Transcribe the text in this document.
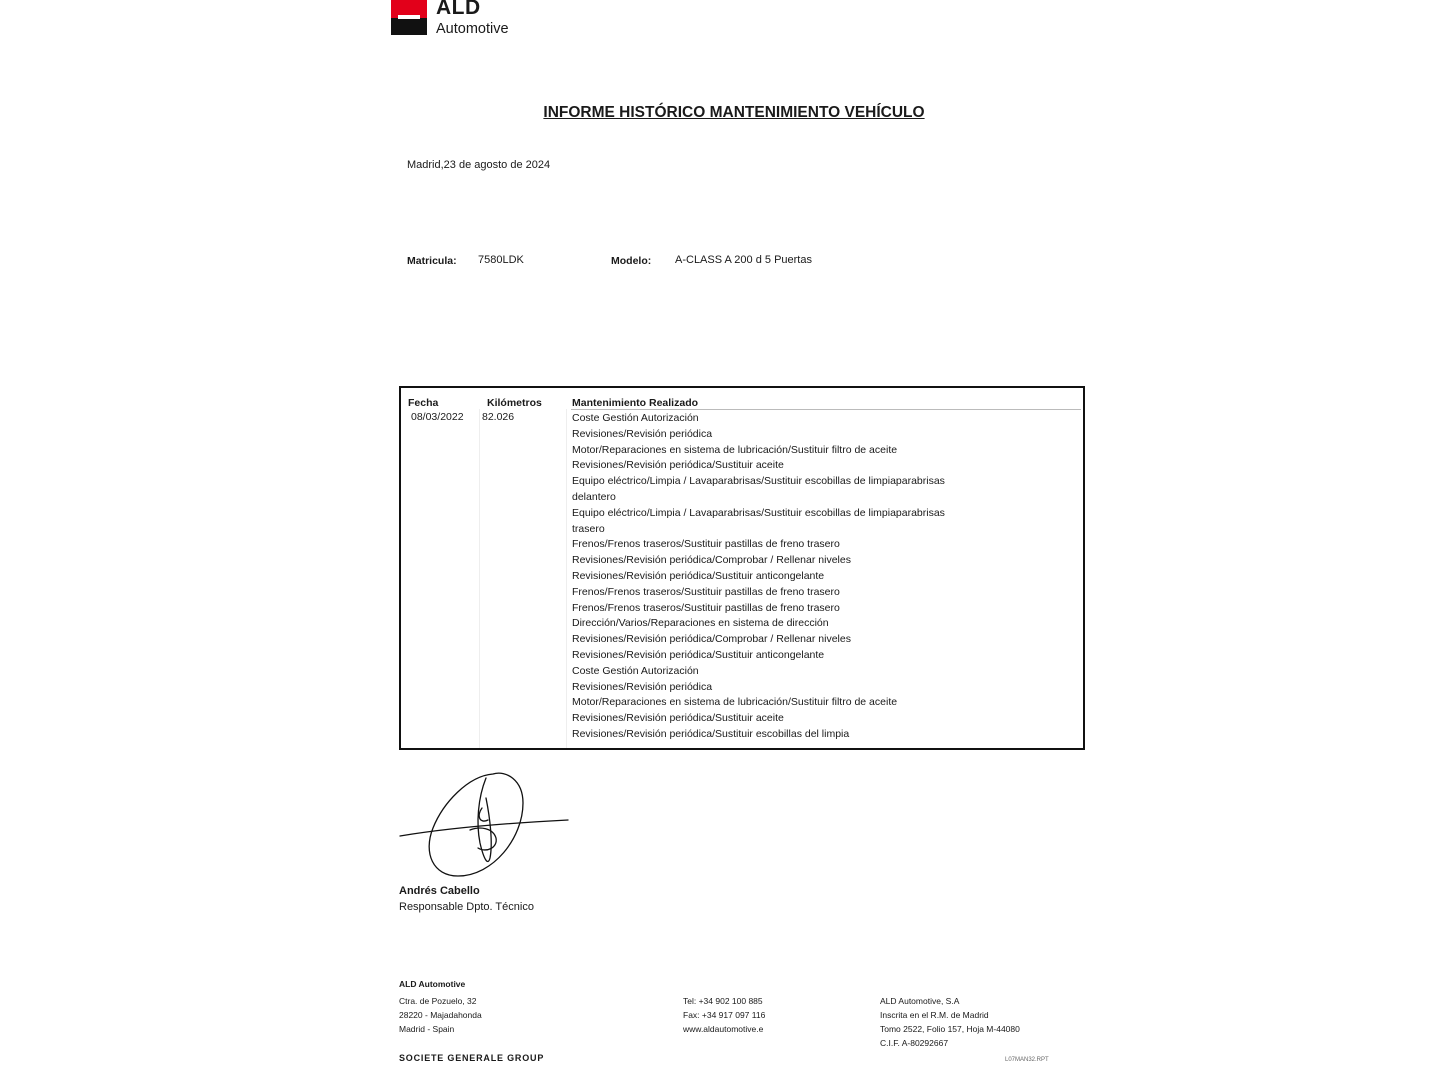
ALD
Automotive
INFORME HISTÓRICO MANTENIMIENTO VEHÍCULO
Madrid,23 de agosto de 2024
Matricula: 7580LDK	Modelo: A-CLASS A 200 d 5 Puertas
Fecha	Kilómetros	Mantenimiento Realizado
08/03/2022 82.026	Coste Gestión Autorización
Revisiones/Revisión periódica
Motor/Reparaciones en sistema de lubricación/Sustituir filtro de aceite
Revisiones/Revisión periódica/Sustituir aceite
Equipo eléctrico/Limpia / Lavaparabrisas/Sustituir escobillas de limpiaparabrisas
delantero
Equipo eléctrico/Limpia / Lavaparabrisas/Sustituir escobillas de limpiaparabrisas
trasero
Frenos/Frenos traseros/Sustituir pastillas de freno trasero
Revisiones/Revisión periódica/Comprobar / Rellenar niveles
Revisiones/Revisión periódica/Sustituir anticongelante
Frenos/Frenos traseros/Sustituir pastillas de freno trasero
Frenos/Frenos traseros/Sustituir pastillas de freno trasero
Dirección/Varios/Reparaciones en sistema de dirección
Revisiones/Revisión periódica/Comprobar / Rellenar niveles
Revisiones/Revisión periódica/Sustituir anticongelante
Coste Gestión Autorización
Revisiones/Revisión periódica
Motor/Reparaciones en sistema de lubricación/Sustituir filtro de aceite
Revisiones/Revisión periódica/Sustituir aceite
Revisiones/Revisión periódica/Sustituir escobillas del limpia
Andrés Cabello
Responsable Dpto. Técnico
ALD Automotive
Ctra. de Pozuelo, 32
28220 - Majadahonda
Madrid - Spain
Tel: +34 902 100 885
Fax: +34 917 097 116
www.aldautomotive.e
ALD Automotive, S.A
Inscrita en el R.M. de Madrid
Tomo 2522, Folio 157, Hoja M-44080
C.I.F. A-80292667
SOCIETE GENERALE GROUP	L07MAN32.RPT
